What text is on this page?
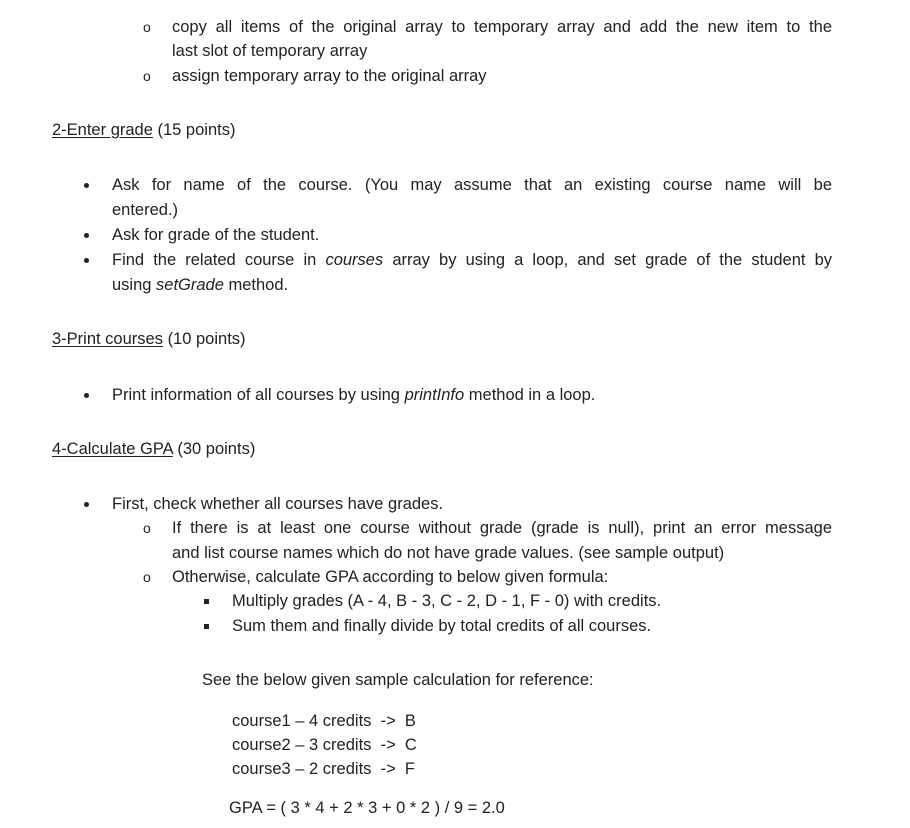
o copy all items of the original array to temporary array and add the new item to the
last slot of temporary array
o assign temporary array to the original array
2-Enter grade (15 points)
Ask for name of the course. (You may assume that an existing course name will be
entered.)
Ask for grade of the student.
Find the related course in courses array by using a loop, and set grade of the student by
using setGrade method.
3-Print courses (10 points)
Print information of all courses by using printInfo method in a loop.
4-Calculate GPA (30 points)
First, check whether all courses have grades.
o If there is at least one course without grade (grade is null), print an error message
and list course names which do not have grade values. (see sample output)
o Otherwise, calculate GPA according to below given formula:
Multiply grades (A - 4, B - 3, C - 2, D - 1, F - 0) with credits.
Sum them and finally divide by total credits of all courses.
See the below given sample calculation for reference:
course1 – 4 credits  ->  B
course2 – 3 credits  ->  C
course3 – 2 credits  ->  F
GPA = ( 3 * 4 + 2 * 3 + 0 * 2 ) / 9 = 2.0
